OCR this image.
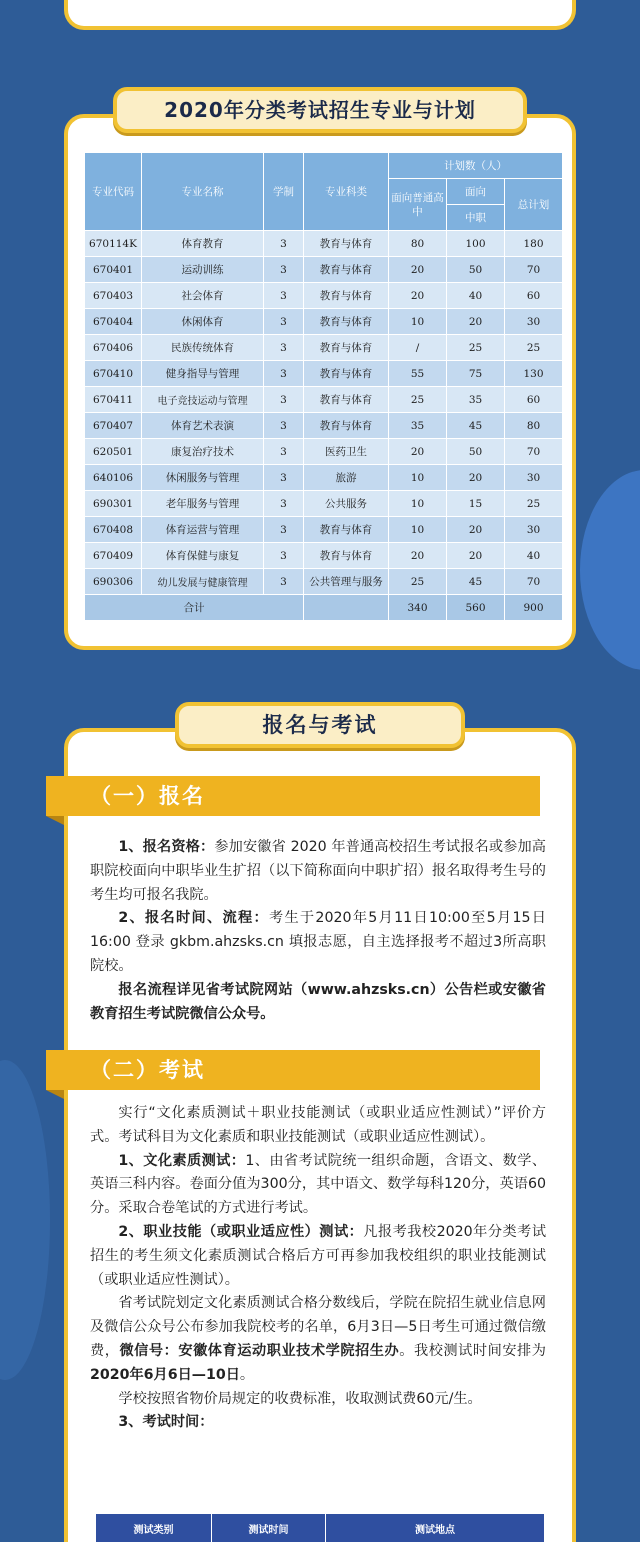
2020年分类考试招生专业与计划
专业代码	专业名称	学制	专业科类	计划数（人）		
				面向普通高中	面向	总计划
					中职	
670114K	体育教育	3	教育与体育	80	100	180
670401	运动训练	3	教育与体育	20	50	70
670403	社会体育	3	教育与体育	20	40	60
670404	休闲体育	3	教育与体育	10	20	30
670406	民族传统体育	3	教育与体育	/	25	25
670410	健身指导与管理	3	教育与体育	55	75	130
670411	电子竞技运动与管理	3	教育与体育	25	35	60
670407	体育艺术表演	3	教育与体育	35	45	80
620501	康复治疗技术	3	医药卫生	20	50	70
640106	休闲服务与管理	3	旅游	10	20	30
690301	老年服务与管理	3	公共服务	10	15	25
670408	体育运营与管理	3	教育与体育	10	20	30
670409	体育保健与康复	3	教育与体育	20	20	40
690306	幼儿发展与健康管理	3	公共管理与服务	25	45	70
合计				340	560	900
报名与考试
（一）报名

1、报名资格：参加安徽省 2020 年普通高校招生考试报名或参加高职院校面向中职毕业生扩招（以下简称面向中职扩招）报名取得考生号的考生均可报名我院。

2、报名时间、流程：考生于2020年5月11日10:00至5月15日16:00 登录 gkbm.ahzsks.cn 填报志愿，自主选择报考不超过3所高职院校。

报名流程详见省考试院网站（www.ahzsks.cn）公告栏或安徽省教育招生考试院微信公众号。

（二）考试

实行“文化素质测试＋职业技能测试（或职业适应性测试）”评价方式。考试科目为文化素质和职业技能测试（或职业适应性测试）。

1、文化素质测试：1、由省考试院统一组织命题，含语文、数学、英语三科内容。卷面分值为300分，其中语文、数学每科120分，英语60分。采取合卷笔试的方式进行考试。

2、职业技能（或职业适应性）测试：凡报考我校2020年分类考试招生的考生须文化素质测试合格后方可再参加我校组织的职业技能测试（或职业适应性测试）。

省考试院划定文化素质测试合格分数线后，学院在院招生就业信息网及微信公众号公布参加我院校考的名单，6月3日—5日考生可通过微信缴费，微信号：安徽体育运动职业技术学院招生办。我校测试时间安排为2020年6月6日—10日。

学校按照省物价局规定的收费标准，收取测试费60元/生。

3、考试时间：

测试类别	测试时间	测试地点
